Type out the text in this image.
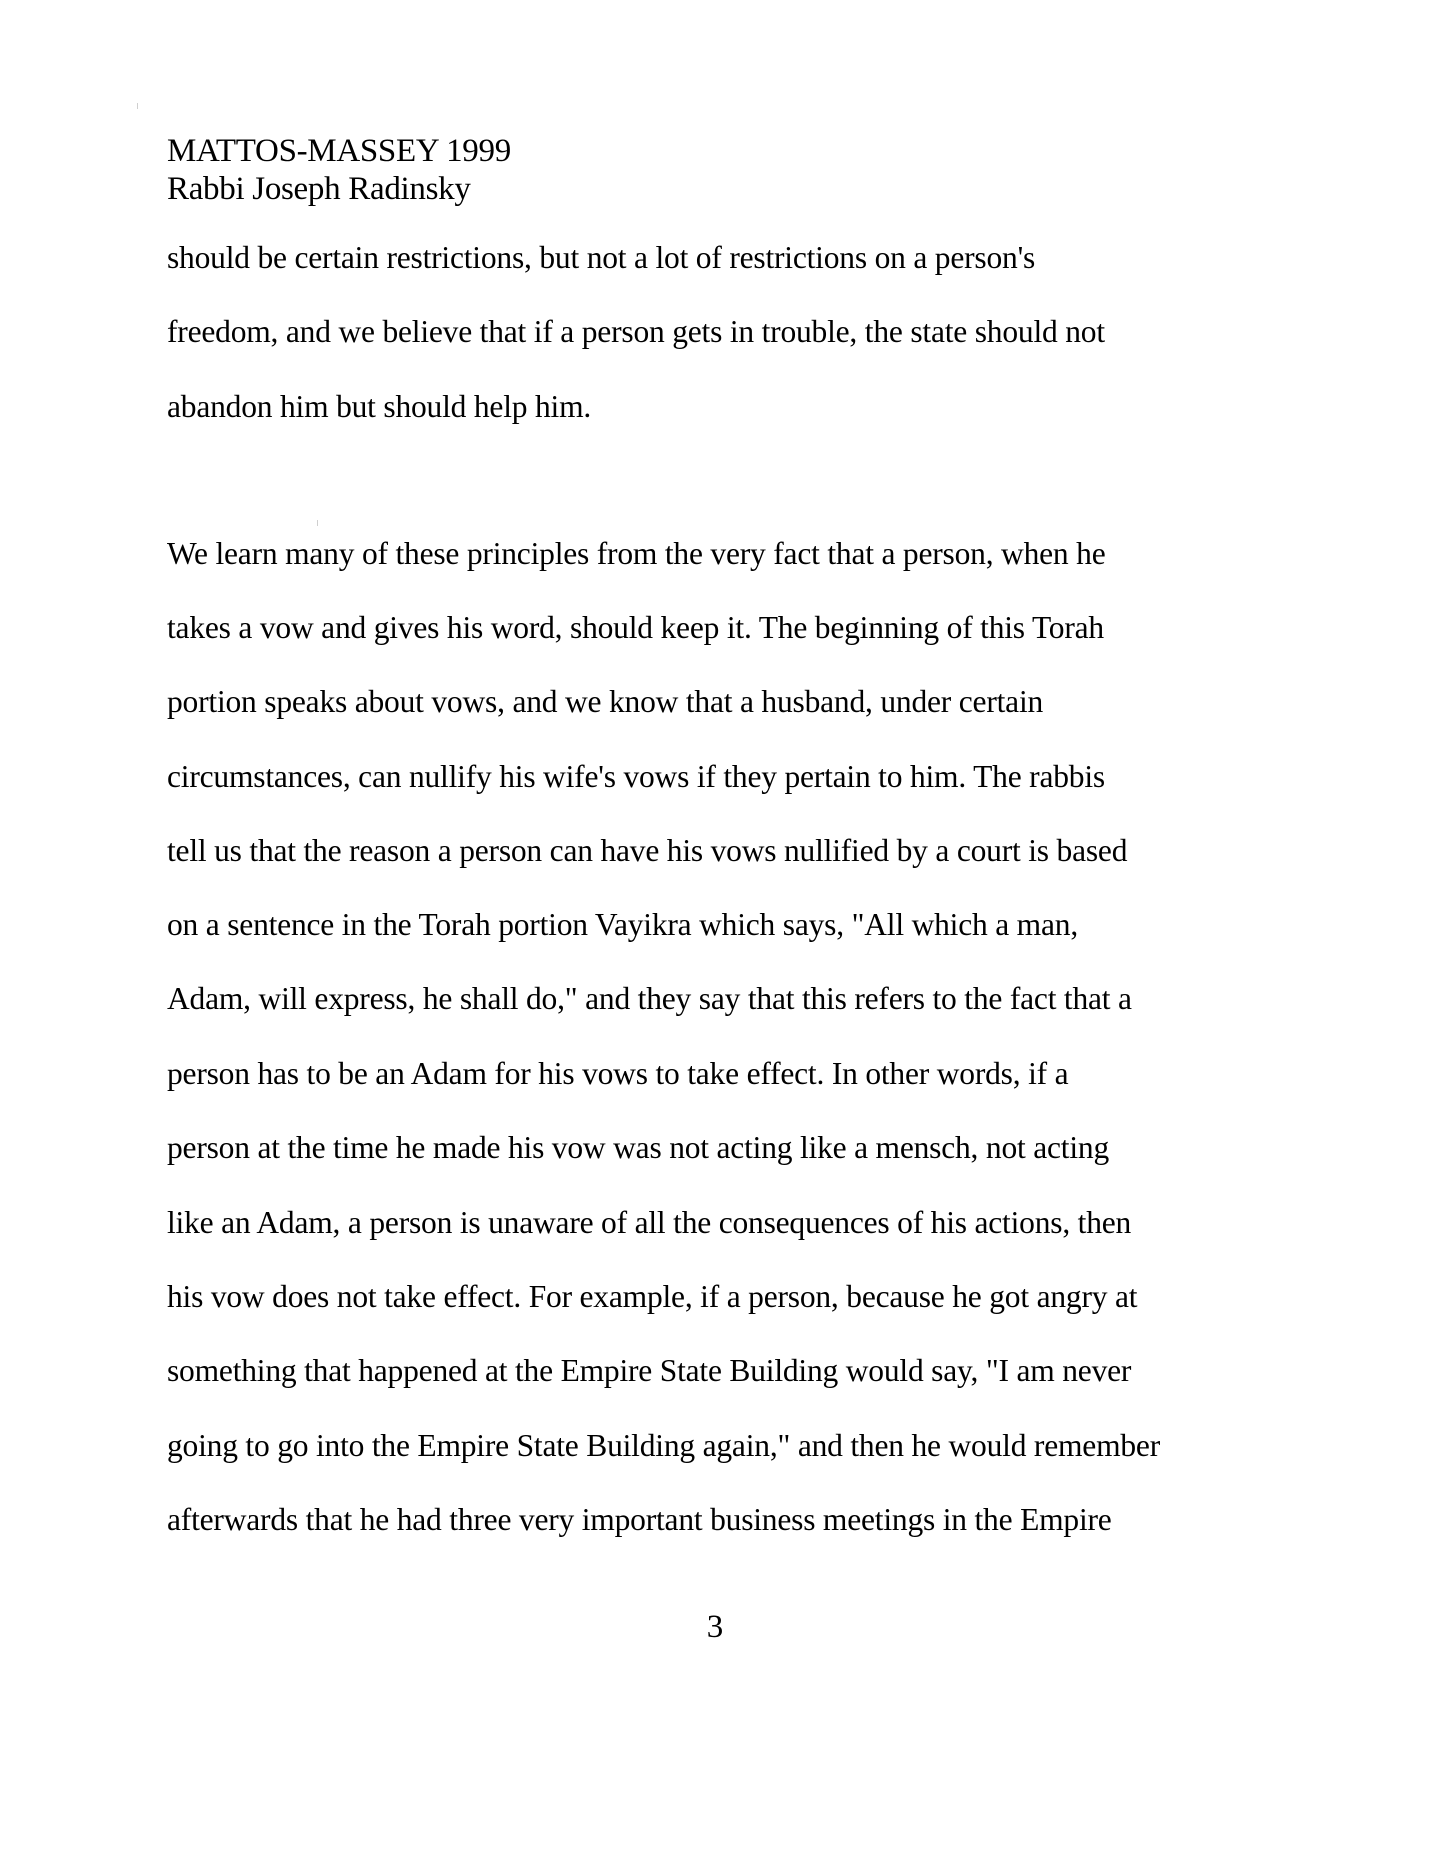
MATTOS-MASSEY 1999
Rabbi Joseph Radinsky
should be certain restrictions, but not a lot of restrictions on a person's
freedom, and we believe that if a person gets in trouble, the state should not
abandon him but should help him.
We learn many of these principles from the very fact that a person, when he
takes a vow and gives his word, should keep it. The beginning of this Torah
portion speaks about vows, and we know that a husband, under certain
circumstances, can nullify his wife's vows if they pertain to him. The rabbis
tell us that the reason a person can have his vows nullified by a court is based
on a sentence in the Torah portion Vayikra which says, "All which a man,
Adam, will express, he shall do," and they say that this refers to the fact that a
person has to be an Adam for his vows to take effect. In other words, if a
person at the time he made his vow was not acting like a mensch, not acting
like an Adam, a person is unaware of all the consequences of his actions, then
his vow does not take effect. For example, if a person, because he got angry at
something that happened at the Empire State Building would say, "I am never
going to go into the Empire State Building again," and then he would remember
afterwards that he had three very important business meetings in the Empire
3
